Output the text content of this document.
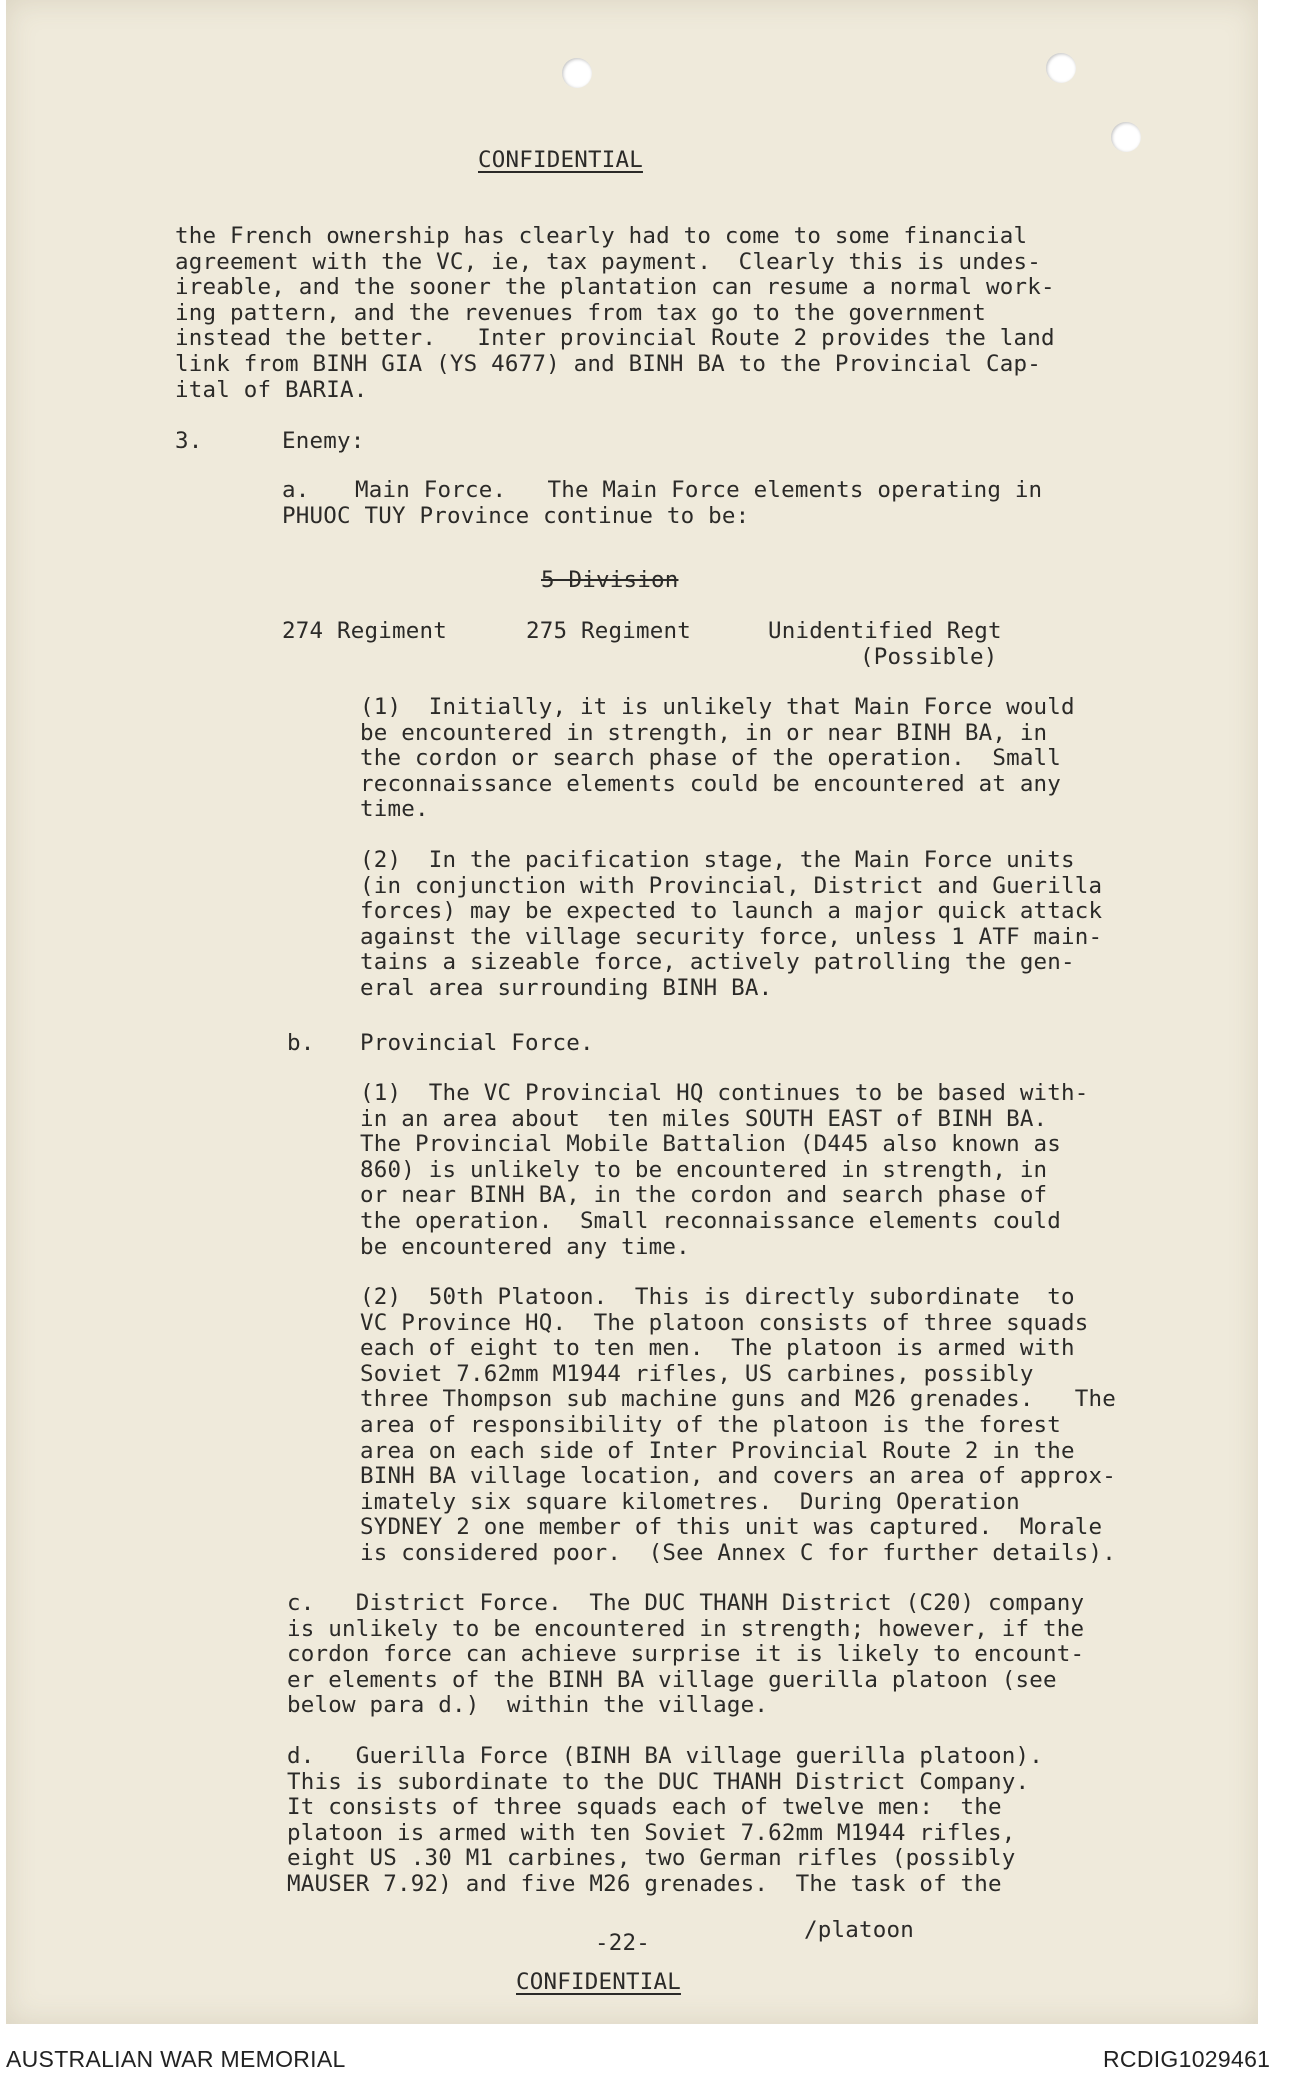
CONFIDENTIAL

the French ownership has clearly had to come to some financial

agreement with the VC, ie, tax payment.  Clearly this is undes-

ireable, and the sooner the plantation can resume a normal work-

ing pattern, and the revenues from tax go to the government

instead the better.   Inter provincial Route 2 provides the land

link from BINH GIA (YS 4677) and BINH BA to the Provincial Cap-

ital of BARIA.

3.	Enemy:

a. Main Force.   The Main Force elements operating in

PHUOC TUY Province continue to be:

5 Division

274 Regiment	275 Regiment	Unidentified Regt

(Possible)

(1)  Initially, it is unlikely that Main Force would

be encountered in strength, in or near BINH BA, in

the cordon or search phase of the operation.  Small

reconnaissance elements could be encountered at any

time.

(2)  In the pacification stage, the Main Force units

(in conjunction with Provincial, District and Guerilla

forces) may be expected to launch a major quick attack

against the village security force, unless 1 ATF main-

tains a sizeable force, actively patrolling the gen-

eral area surrounding BINH BA.

b. Provincial Force.

(1)  The VC Provincial HQ continues to be based with-

in an area about  ten miles SOUTH EAST of BINH BA.

The Provincial Mobile Battalion (D445 also known as

860) is unlikely to be encountered in strength, in

or near BINH BA, in the cordon and search phase of

the operation.  Small reconnaissance elements could

be encountered any time.

(2)  50th Platoon.  This is directly subordinate  to

VC Province HQ.  The platoon consists of three squads

each of eight to ten men.  The platoon is armed with

Soviet 7.62mm M1944 rifles, US carbines, possibly

three Thompson sub machine guns and M26 grenades.   The

area of responsibility of the platoon is the forest

area on each side of Inter Provincial Route 2 in the

BINH BA village location, and covers an area of approx-

imately six square kilometres.  During Operation

SYDNEY 2 one member of this unit was captured.  Morale

is considered poor.  (See Annex C for further details).

c.   District Force.  The DUC THANH District (C20) company

is unlikely to be encountered in strength; however, if the

cordon force can achieve surprise it is likely to encount-

er elements of the BINH BA village guerilla platoon (see

below para d.)  within the village.

d.   Guerilla Force (BINH BA village guerilla platoon).

This is subordinate to the DUC THANH District Company.

It consists of three squads each of twelve men:  the

platoon is armed with ten Soviet 7.62mm M1944 rifles,

eight US .30 M1 carbines, two German rifles (possibly

MAUSER 7.92) and five M26 grenades.  The task of the

/platoon

-22-

CONFIDENTIAL

AUSTRALIAN WAR MEMORIAL	RCDIG1029461
